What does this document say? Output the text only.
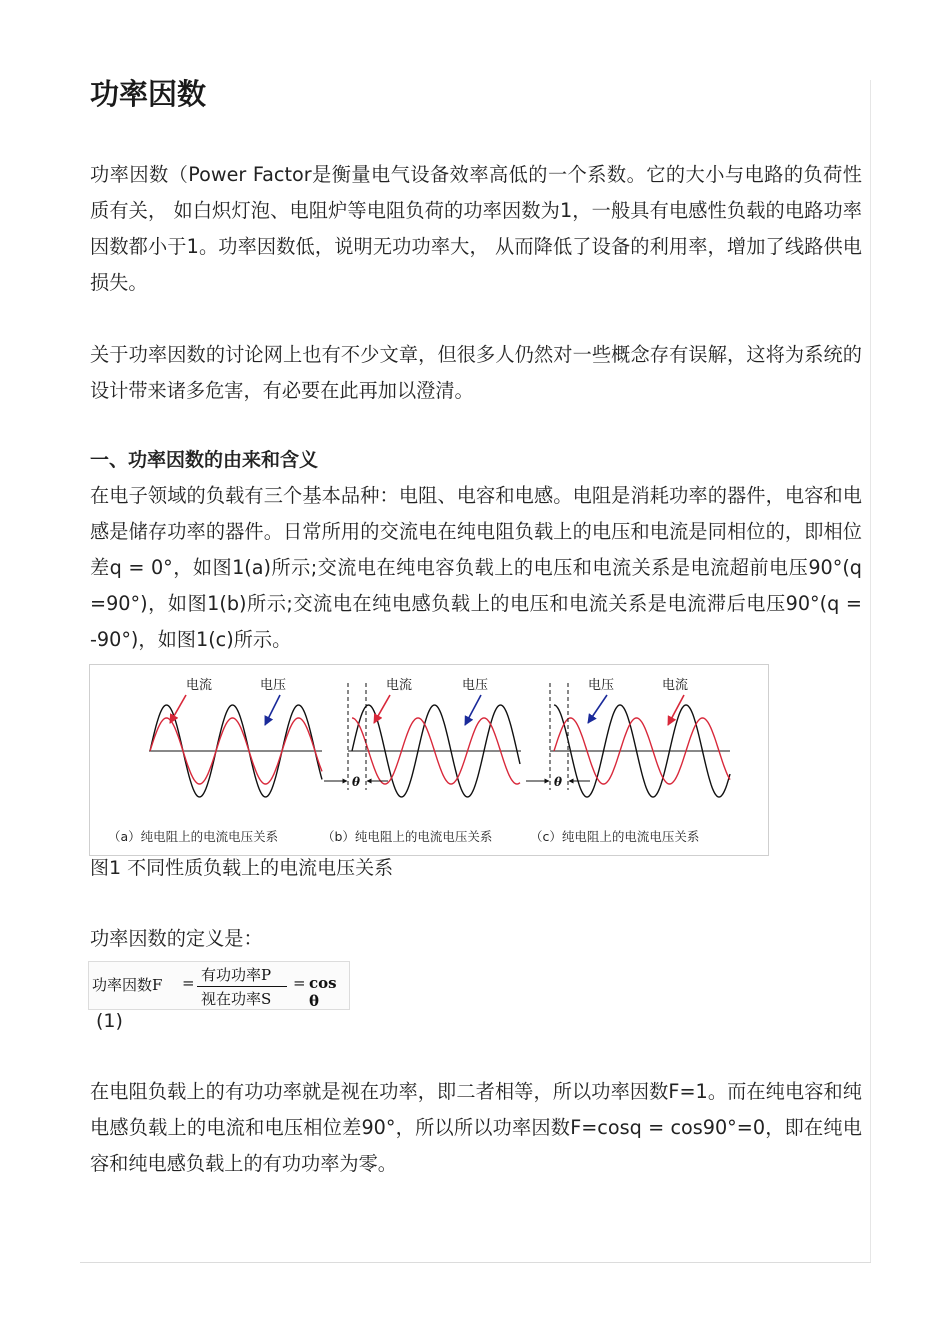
功率因数

功率因数（Power Factor是衡量电气设备效率高低的一个系数。它的大小与电路的负荷性质有关， 如白炽灯泡、电阻炉等电阻负荷的功率因数为1，一般具有电感性负载的电路功率因数都小于1。功率因数低，说明无功功率大， 从而降低了设备的利用率，增加了线路供电损失。

关于功率因数的讨论网上也有不少文章，但很多人仍然对一些概念存有误解，这将为系统的设计带来诸多危害，有必要在此再加以澄清。

一、功率因数的由来和含义

在电子领域的负载有三个基本品种：电阻、电容和电感。电阻是消耗功率的器件，电容和电感是储存功率的器件。日常所用的交流电在纯电阻负载上的电压和电流是同相位的，即相位差q = 0°，如图1(a)所示;交流电在纯电容负载上的电压和电流关系是电流超前电压90°(q =90°)，如图1(b)所示;交流电在纯电感负载上的电压和电流关系是电流滞后电压90°(q = -90°)，如图1(c)所示。

电流	电压
（a）纯电阻上的电流电压关系
θ
电流	电压
（b）纯电阻上的电流电压关系
θ
电压	电流
（c）纯电阻上的电流电压关系

图1 不同性质负载上的电流电压关系

功率因数的定义是：

功率因数F = 有功功率P
视在功率S
= cos θ

(1)

在电阻负载上的有功功率就是视在功率，即二者相等，所以功率因数F=1。而在纯电容和纯电感负载上的电流和电压相位差90°，所以所以功率因数F=cosq = cos90°=0，即在纯电容和纯电感负载上的有功功率为零。
